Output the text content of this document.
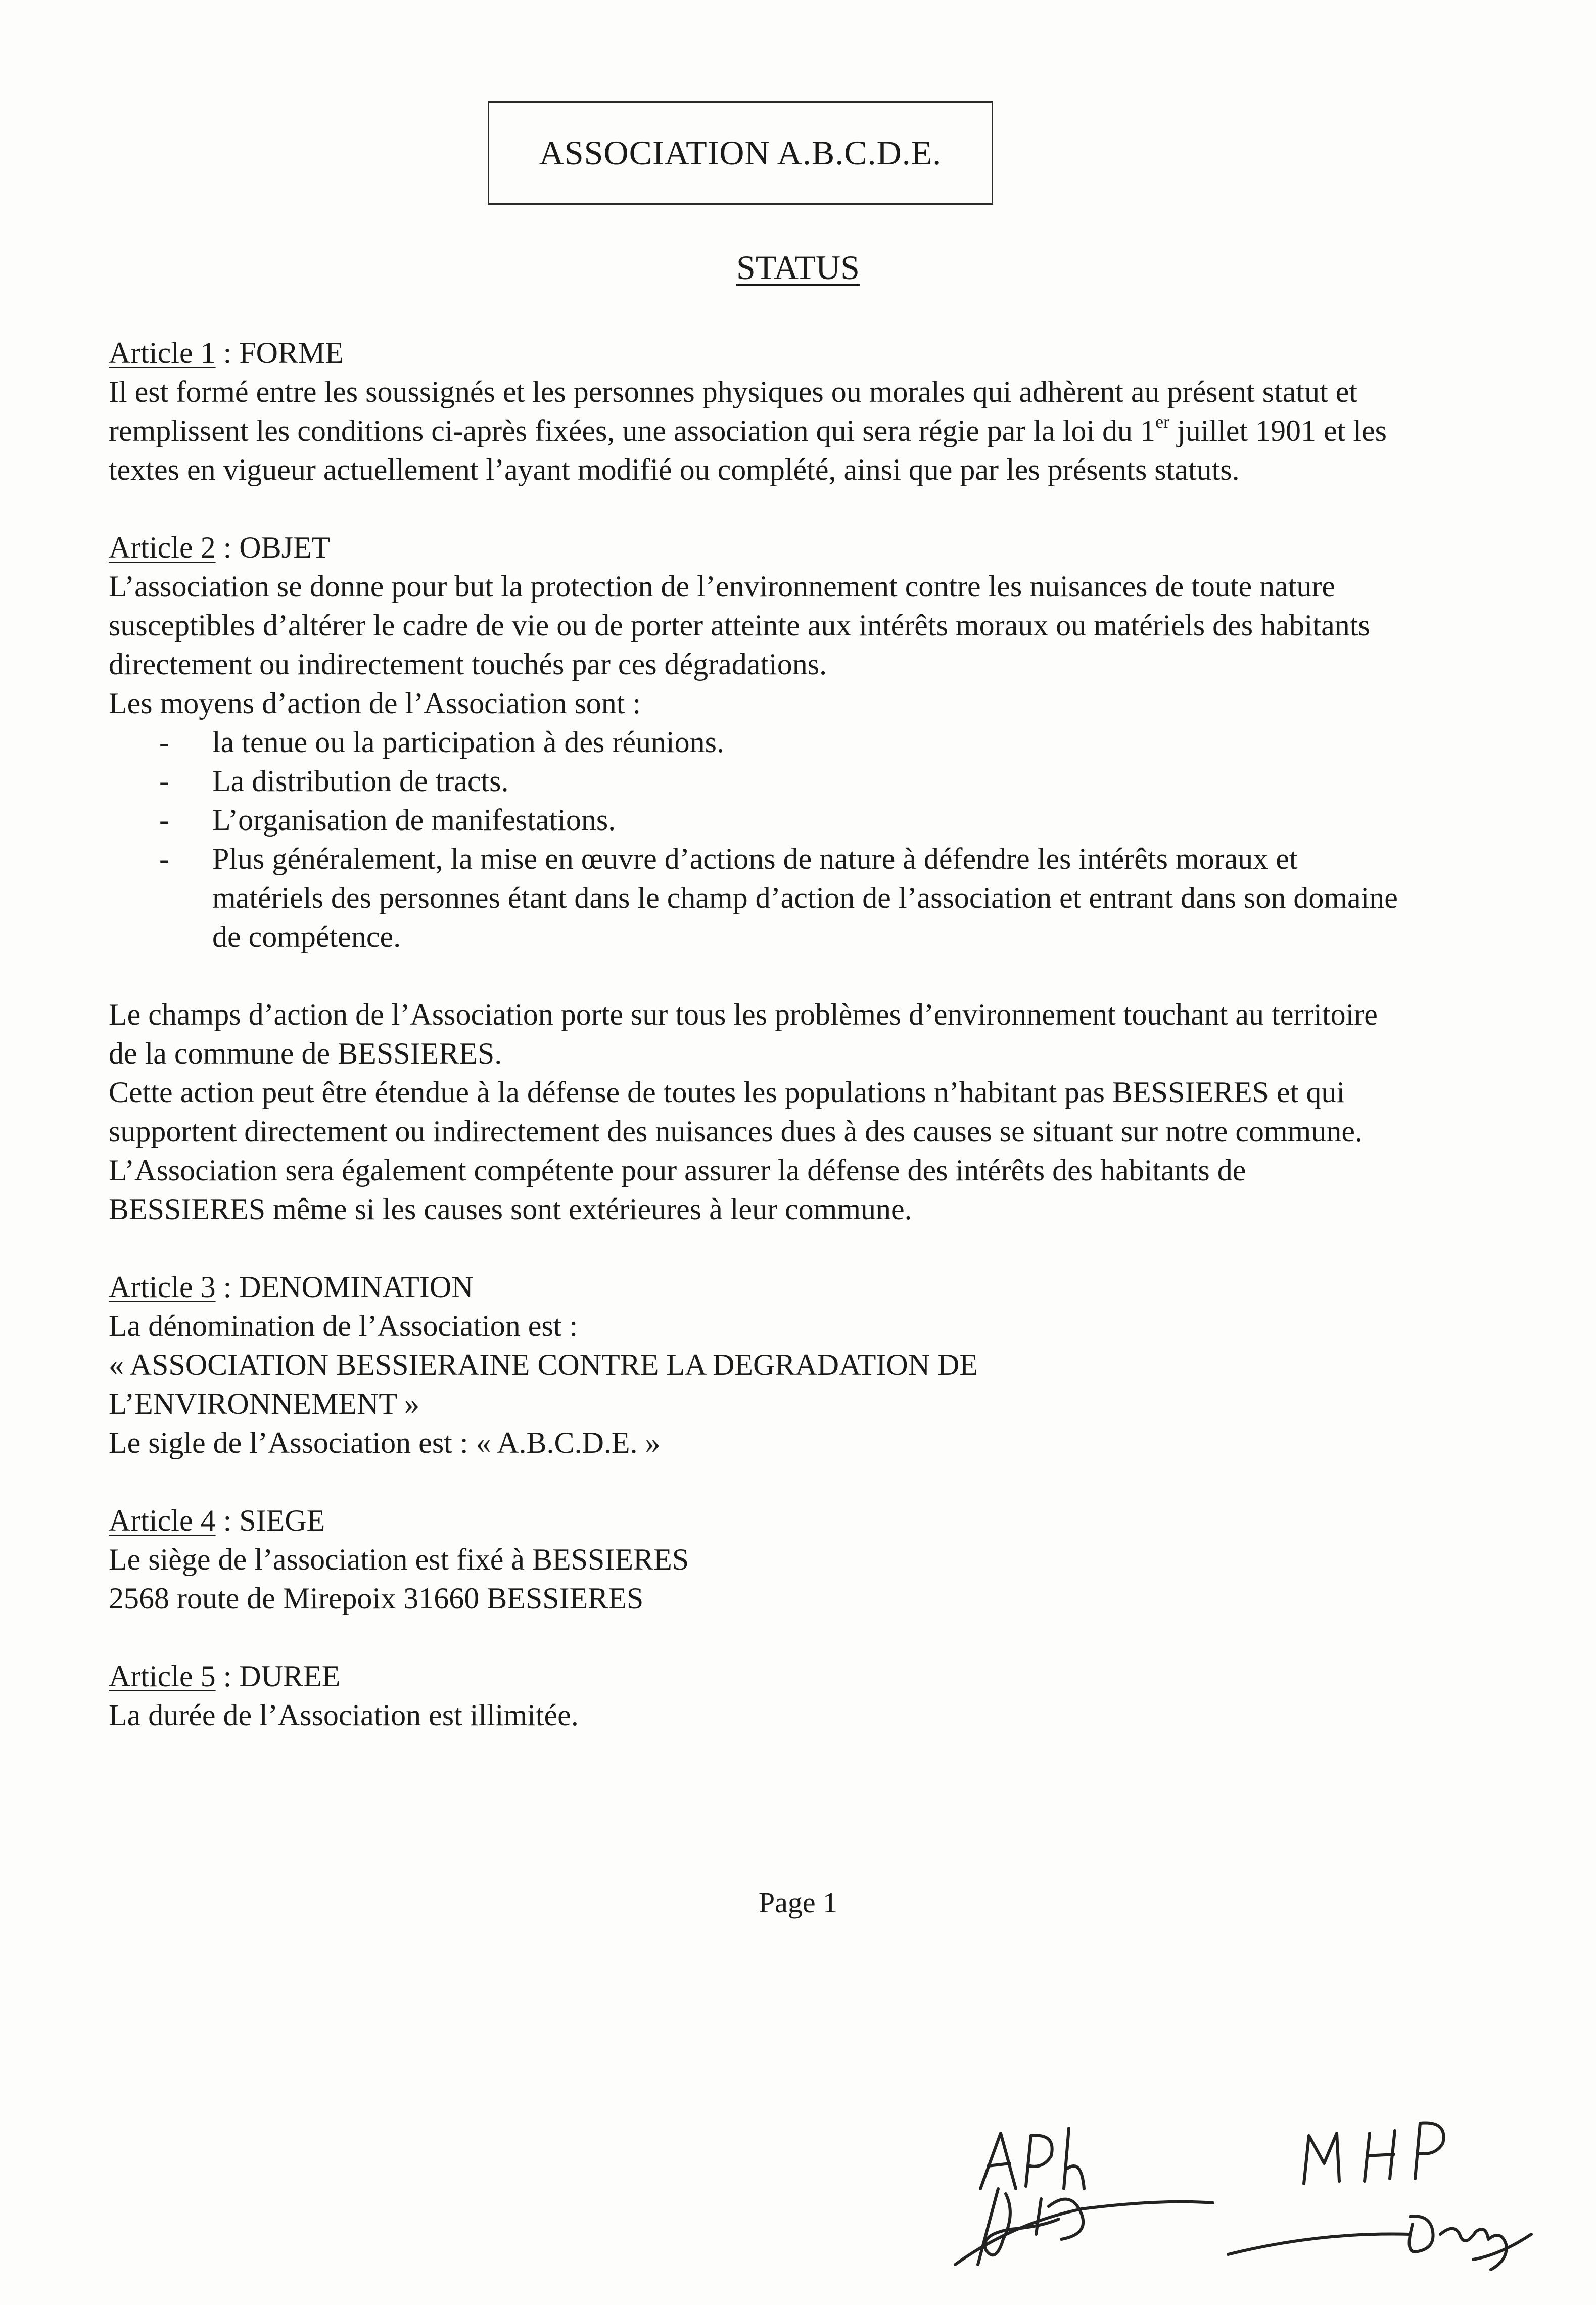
ASSOCIATION A.B.C.D.E.
STATUS
Article 1 : FORME

Il est formé entre les soussignés et les personnes physiques ou morales qui adhèrent au présent statut et remplissent les conditions ci-après fixées, une association qui sera régie par la loi du 1er juillet 1901 et les textes en vigueur actuellement l’ayant modifié ou complété, ainsi que par les présents statuts.

Article 2 : OBJET

L’association se donne pour but la protection de l’environnement contre les nuisances de toute nature susceptibles d’altérer le cadre de vie ou de porter atteinte aux intérêts moraux ou matériels des habitants directement ou indirectement touchés par ces dégradations.

Les moyens d’action de l’Association sont :

- la tenue ou la participation à des réunions.
- La distribution de tracts.
- L’organisation de manifestations.
- Plus généralement, la mise en œuvre d’actions de nature à défendre les intérêts moraux et matériels des personnes étant dans le champ d’action de l’association et entrant dans son domaine de compétence.

Le champs d’action de l’Association porte sur tous les problèmes d’environnement touchant au territoire de la commune de BESSIERES.

Cette action peut être étendue à la défense de toutes les populations n’habitant pas BESSIERES et qui supportent directement ou indirectement des nuisances dues à des causes se situant sur notre commune.

L’Association sera également compétente pour assurer la défense des intérêts des habitants de BESSIERES même si les causes sont extérieures à leur commune.

Article 3 : DENOMINATION

La dénomination de l’Association est :

« ASSOCIATION BESSIERAINE CONTRE LA DEGRADATION DE

L’ENVIRONNEMENT »

Le sigle de l’Association est : « A.B.C.D.E. »

Article 4 : SIEGE

Le siège de l’association est fixé à BESSIERES

2568 route de Mirepoix 31660 BESSIERES

Article 5 : DUREE

La durée de l’Association est illimitée.

Page 1
